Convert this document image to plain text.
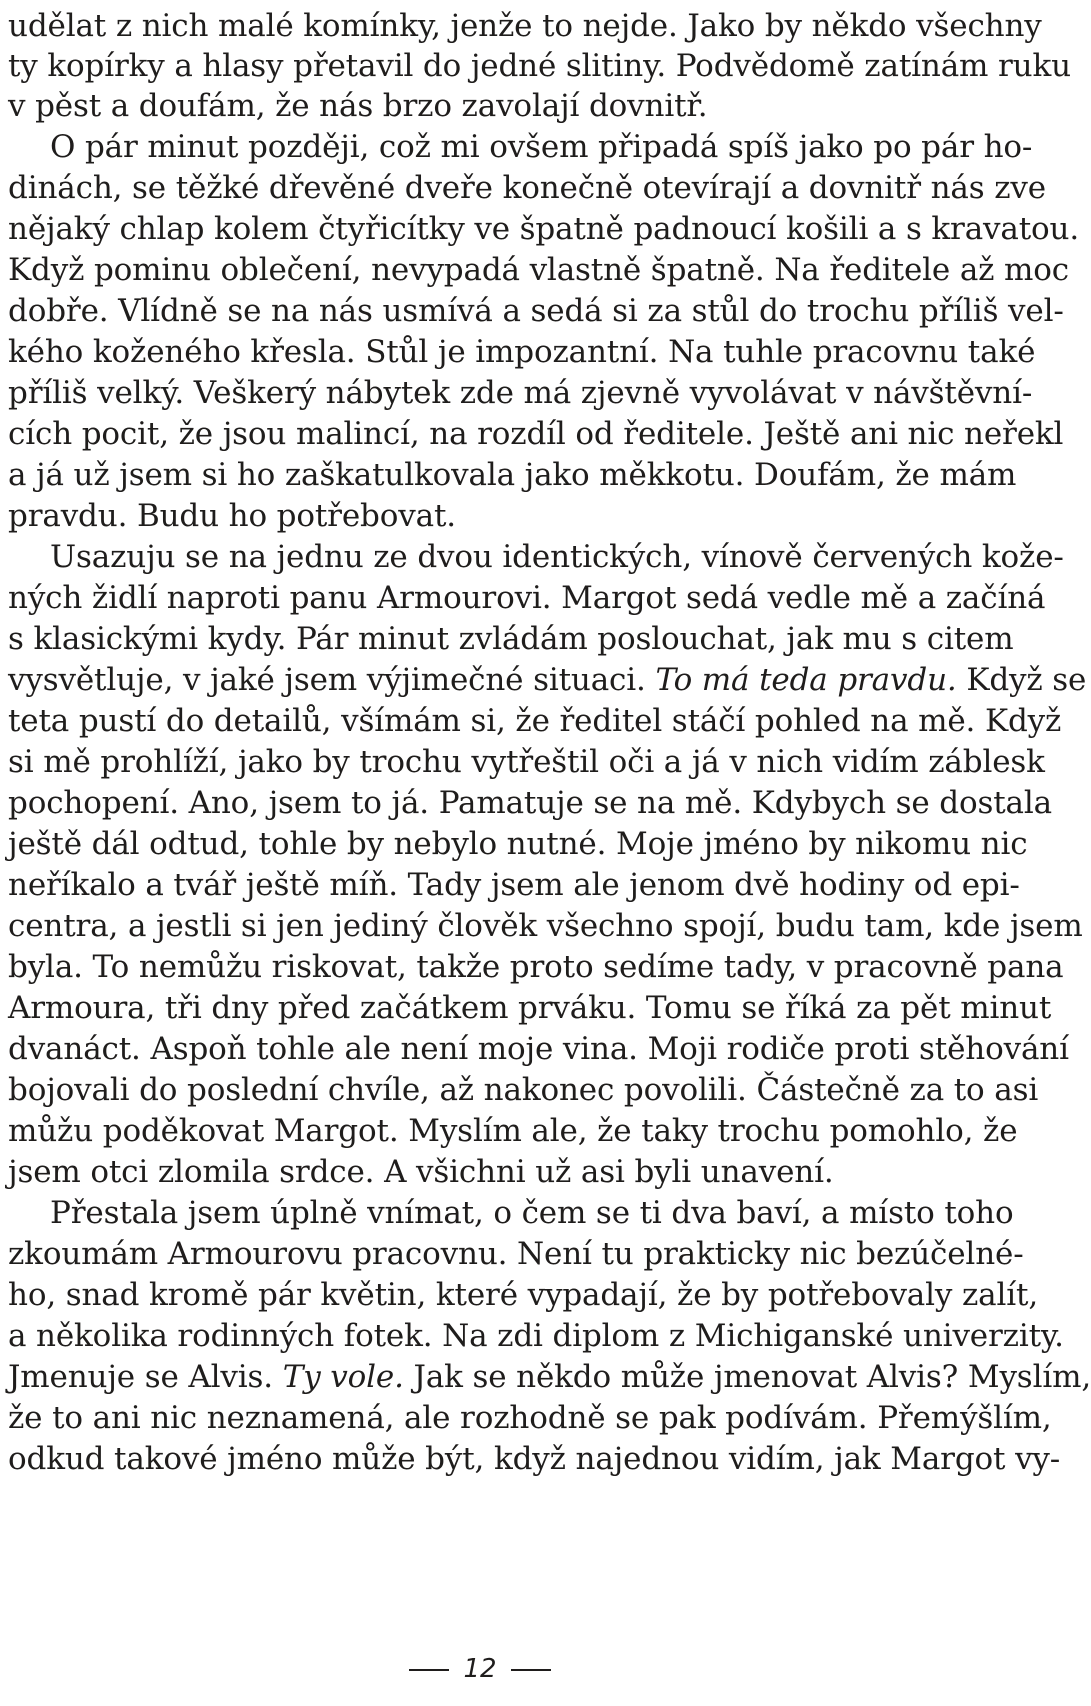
udělat z nich malé komínky, jenže to nejde. Jako by někdo všechny
ty kopírky a hlasy přetavil do jedné slitiny. Podvědomě zatínám ruku
v pěst a doufám, že nás brzo zavolají dovnitř.
O pár minut později, což mi ovšem připadá spíš jako po pár ho-
dinách, se těžké dřevěné dveře konečně otevírají a dovnitř nás zve
nějaký chlap kolem čtyřicítky ve špatně padnoucí košili a s kravatou.
Když pominu oblečení, nevypadá vlastně špatně. Na ředitele až moc
dobře. Vlídně se na nás usmívá a sedá si za stůl do trochu příliš vel-
kého koženého křesla. Stůl je impozantní. Na tuhle pracovnu také
příliš velký. Veškerý nábytek zde má zjevně vyvolávat v návštěvní-
cích pocit, že jsou malincí, na rozdíl od ředitele. Ještě ani nic neřekl
a já už jsem si ho zaškatulkovala jako měkkotu. Doufám, že mám
pravdu. Budu ho potřebovat.
Usazuju se na jednu ze dvou identických, vínově červených kože-
ných židlí naproti panu Armourovi. Margot sedá vedle mě a začíná
s klasickými kydy. Pár minut zvládám poslouchat, jak mu s citem
vysvětluje, v jaké jsem výjimečné situaci. To má teda pravdu. Když se
teta pustí do detailů, všímám si, že ředitel stáčí pohled na mě. Když
si mě prohlíží, jako by trochu vytřeštil oči a já v nich vidím záblesk
pochopení. Ano, jsem to já. Pamatuje se na mě. Kdybych se dostala
ještě dál odtud, tohle by nebylo nutné. Moje jméno by nikomu nic
neříkalo a tvář ještě míň. Tady jsem ale jenom dvě hodiny od epi-
centra, a jestli si jen jediný člověk všechno spojí, budu tam, kde jsem
byla. To nemůžu riskovat, takže proto sedíme tady, v pracovně pana
Armoura, tři dny před začátkem prváku. Tomu se říká za pět minut
dvanáct. Aspoň tohle ale není moje vina. Moji rodiče proti stěhování
bojovali do poslední chvíle, až nakonec povolili. Částečně za to asi
můžu poděkovat Margot. Myslím ale, že taky trochu pomohlo, že
jsem otci zlomila srdce. A všichni už asi byli unavení.
Přestala jsem úplně vnímat, o čem se ti dva baví, a místo toho
zkoumám Armourovu pracovnu. Není tu prakticky nic bezúčelné-
ho, snad kromě pár květin, které vypadají, že by potřebovaly zalít,
a několika rodinných fotek. Na zdi diplom z Michiganské univerzity.
Jmenuje se Alvis. Ty vole. Jak se někdo může jmenovat Alvis? Myslím,
že to ani nic neznamená, ale rozhodně se pak podívám. Přemýšlím,
odkud takové jméno může být, když najednou vidím, jak Margot vy-
12
